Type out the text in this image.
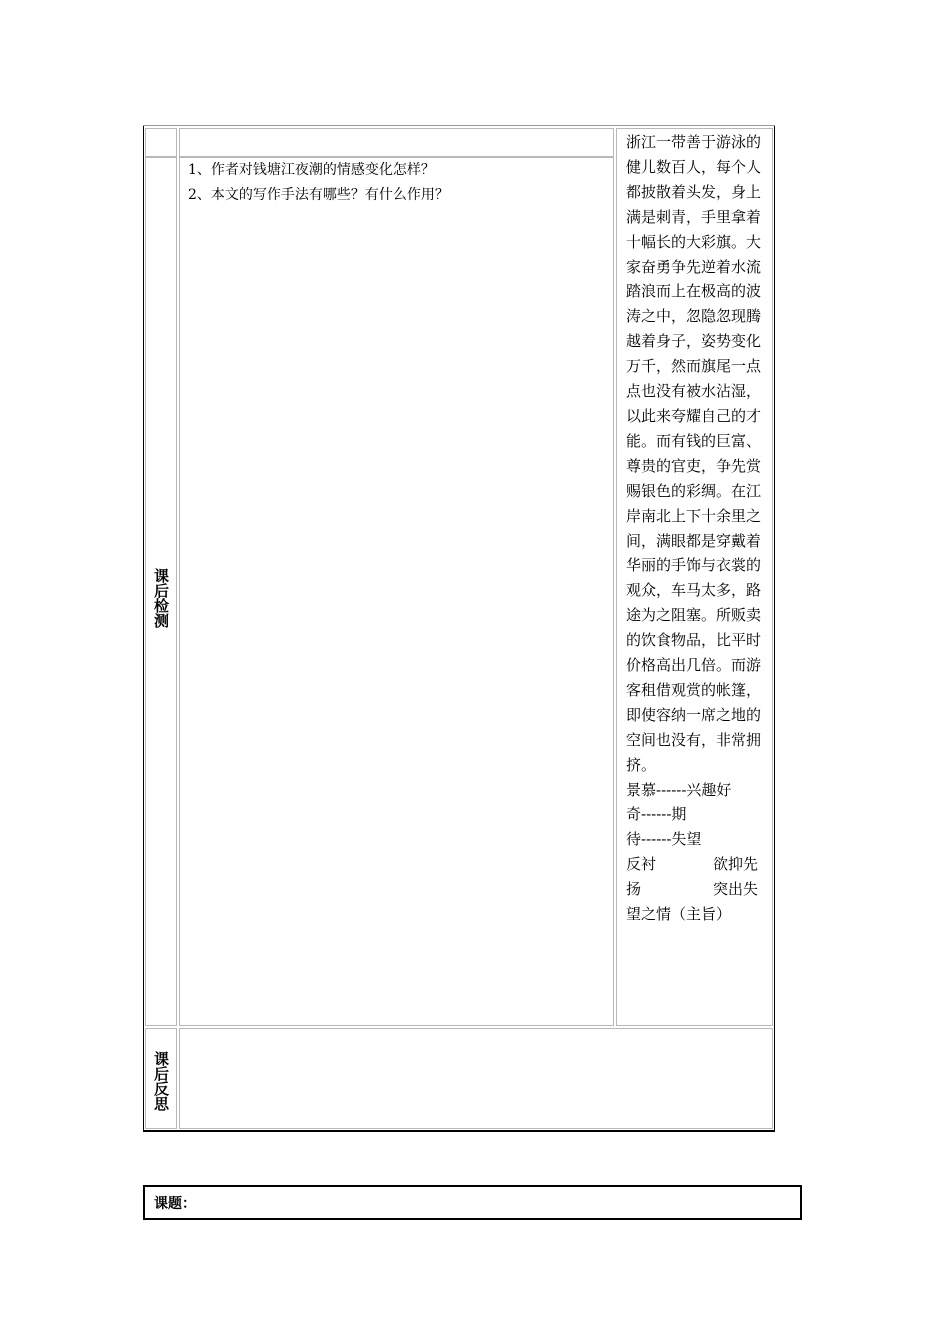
课后检测
课后反思
1、作者对钱塘江夜潮的情感变化怎样？
2、本文的写作手法有哪些？有什么作用？

浙江一带善于游泳的健儿数百人，每个人都披散着头发，身上满是刺青，手里拿着十幅长的大彩旗。大家奋勇争先逆着水流踏浪而上在极高的波涛之中，忽隐忽现腾越着身子，姿势变化万千，然而旗尾一点点也没有被水沾湿，以此来夸耀自己的才能。而有钱的巨富、尊贵的官吏，争先赏赐银色的彩绸。在江岸南北上下十余里之间，满眼都是穿戴着华丽的手饰与衣裳的观众，车马太多，路途为之阻塞。所贩卖的饮食物品，比平时价格高出几倍。而游客租借观赏的帐篷，即使容纳一席之地的空间也没有，非常拥挤。

景慕------兴趣好

奇------期

待------失望

反衬	欲抑先

扬	突出失

望之情（主旨）

课题：
